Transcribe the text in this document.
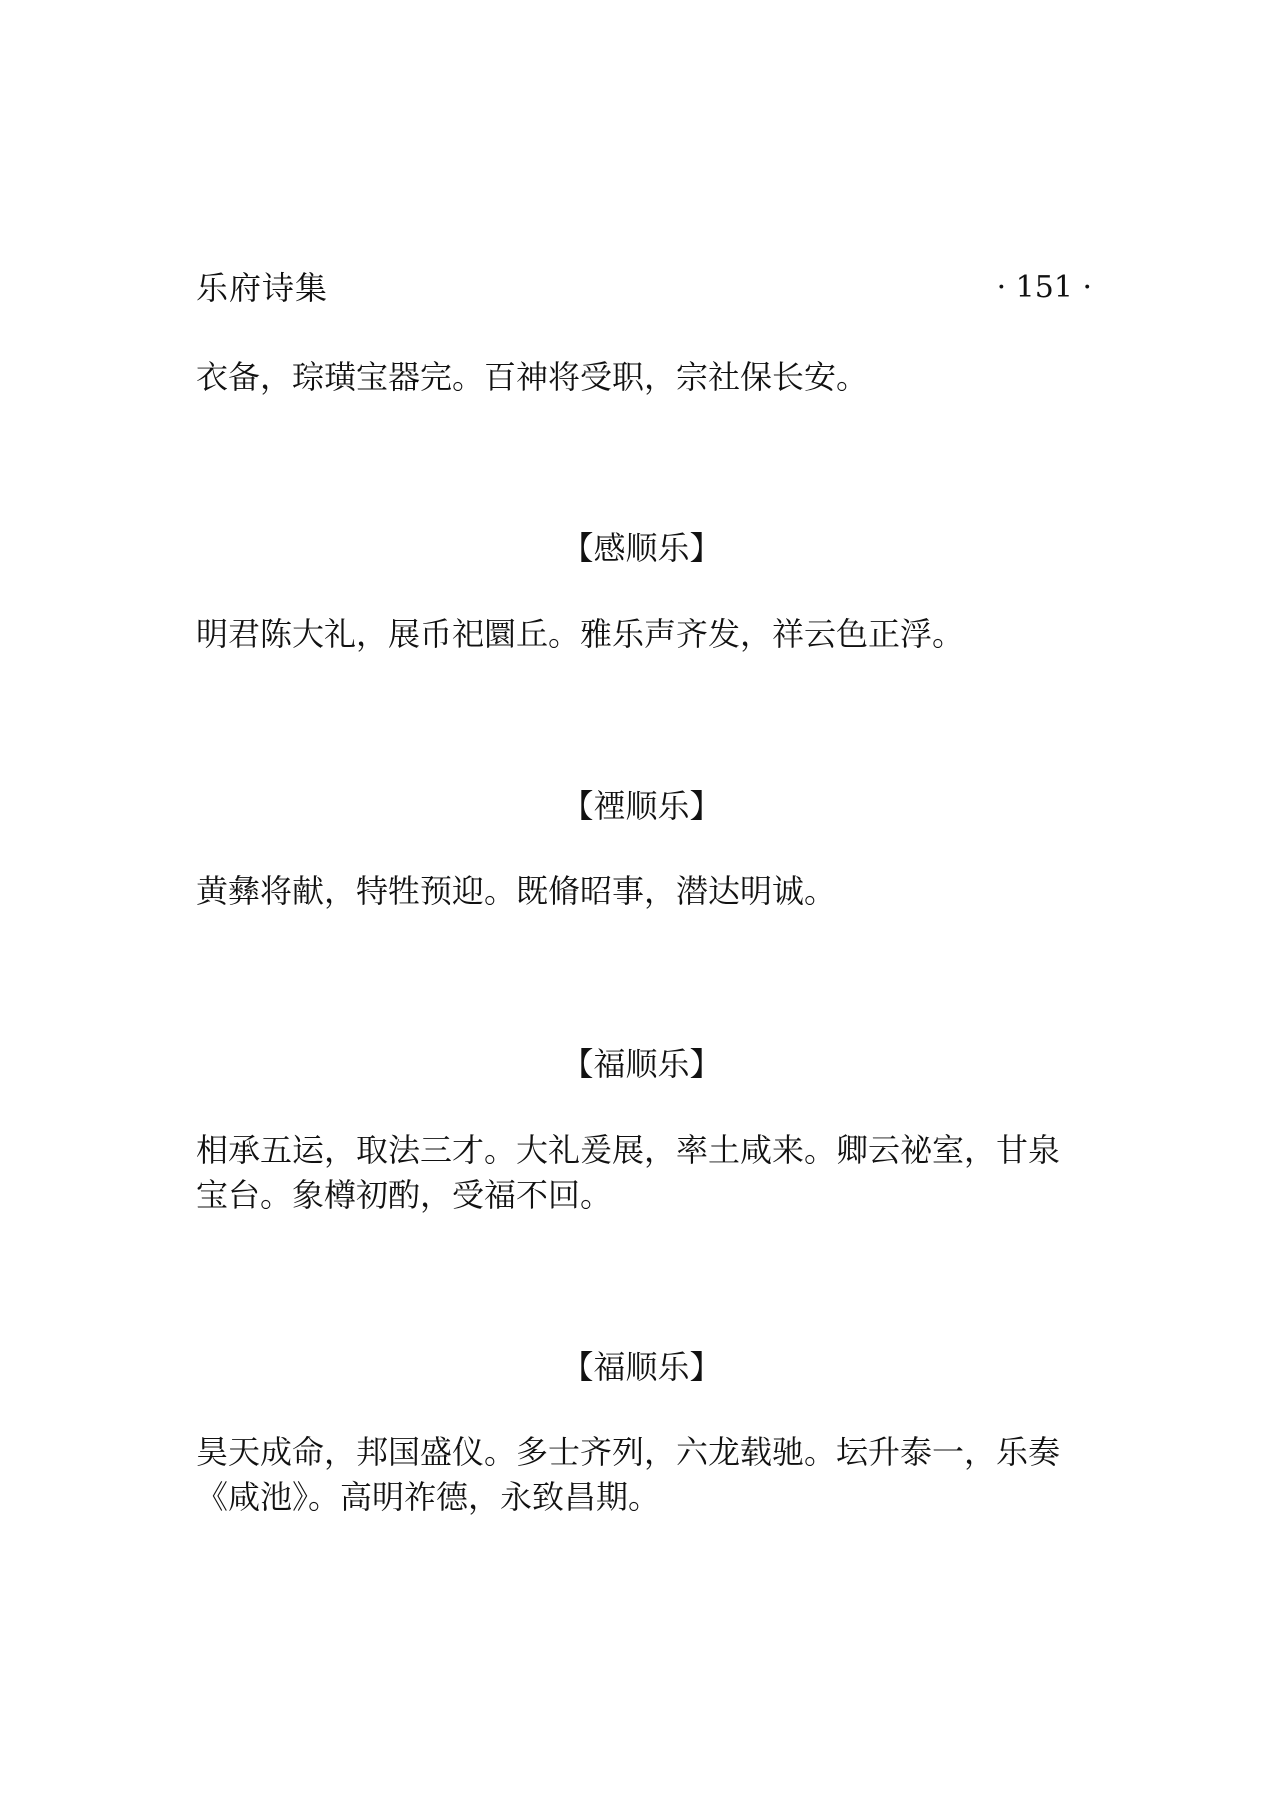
乐府诗集	· 151 ·
衣备，琮璜宝器完。百神将受职，宗社保长安。
【感顺乐】
明君陈大礼，展币祀圜丘。雅乐声齐发，祥云色正浮。
【禋顺乐】
黄彝将献，特牲预迎。既脩昭事，潜达明诚。
【福顺乐】
相承五运，取法三才。大礼爰展，率土咸来。卿云祕室，甘泉
宝台。象樽初酌，受福不回。
【福顺乐】
昊天成命，邦国盛仪。多士齐列，六龙载驰。坛升泰一，乐奏
《咸池》。高明祚德，永致昌期。
